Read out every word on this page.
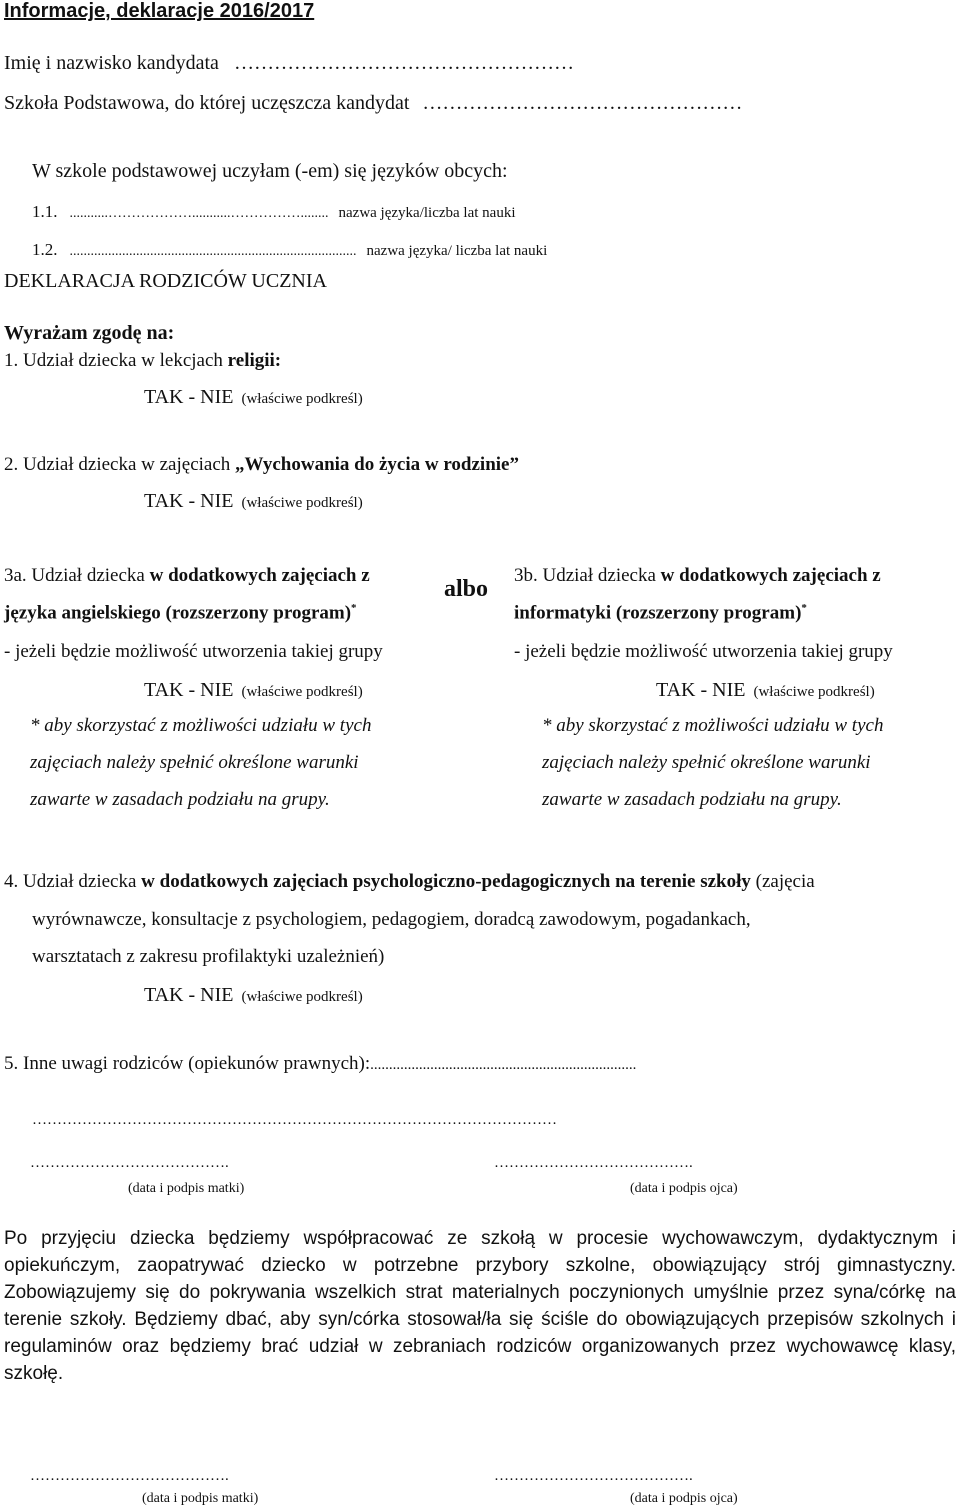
Informacje, deklaracje 2016/2017
Imię i nazwisko kandydata ……………………………………………
Szkoła Podstawowa, do której uczęszcza kandydat …………………………………………
W szkole podstawowej uczyłam (-em) się języków obcych:
1.1. ...........………………...........……………........ nazwa języka/liczba lat nauki
1.2. .................................................................................. nazwa języka/ liczba lat nauki
DEKLARACJA RODZICÓW UCZNIA
Wyrażam zgodę na:
1. Udział dziecka w lekcjach religii:
TAK - NIE (właściwe podkreśl)
2. Udział dziecka w zajęciach „Wychowania do życia w rodzinie”
TAK - NIE (właściwe podkreśl)
3a. Udział dziecka w dodatkowych zajęciach z
języka angielskiego (rozszerzony program)*
- jeżeli będzie możliwość utworzenia takiej grupy
TAK - NIE (właściwe podkreśl)
* aby skorzystać z możliwości udziału w tych
zajęciach należy spełnić określone warunki
zawarte w zasadach podziału na grupy.
albo
3b. Udział dziecka w dodatkowych zajęciach z
informatyki (rozszerzony program)*
- jeżeli będzie możliwość utworzenia takiej grupy
TAK - NIE (właściwe podkreśl)
* aby skorzystać z możliwości udziału w tych
zajęciach należy spełnić określone warunki
zawarte w zasadach podziału na grupy.
4. Udział dziecka w dodatkowych zajęciach psychologiczno-pedagogicznych na terenie szkoły (zajęcia
wyrównawcze, konsultacje z psychologiem, pedagogiem, doradcą zawodowym, pogadankach,
warsztatach z zakresu profilaktyki uzależnień)
TAK - NIE (właściwe podkreśl)
5. Inne uwagi rodziców (opiekunów prawnych):.......................................................................
……………………………………………………………………………………………
………………………………….	………………………………….
(data i podpis matki)	(data i podpis ojca)
Po przyjęciu dziecka będziemy współpracować ze szkołą w procesie wychowawczym, dydaktycznym i opiekuńczym, zaopatrywać dziecko w potrzebne przybory szkolne, obowiązujący strój gimnastyczny. Zobowiązujemy się do pokrywania wszelkich strat materialnych poczynionych umyślnie przez syna/córkę na terenie szkoły. Będziemy dbać, aby syn/córka stosował/ła się ściśle do obowiązujących przepisów szkolnych i regulaminów oraz będziemy brać udział w zebraniach rodziców organizowanych przez wychowawcę klasy, szkołę.
………………………………….	………………………………….
(data i podpis matki)	(data i podpis ojca)
